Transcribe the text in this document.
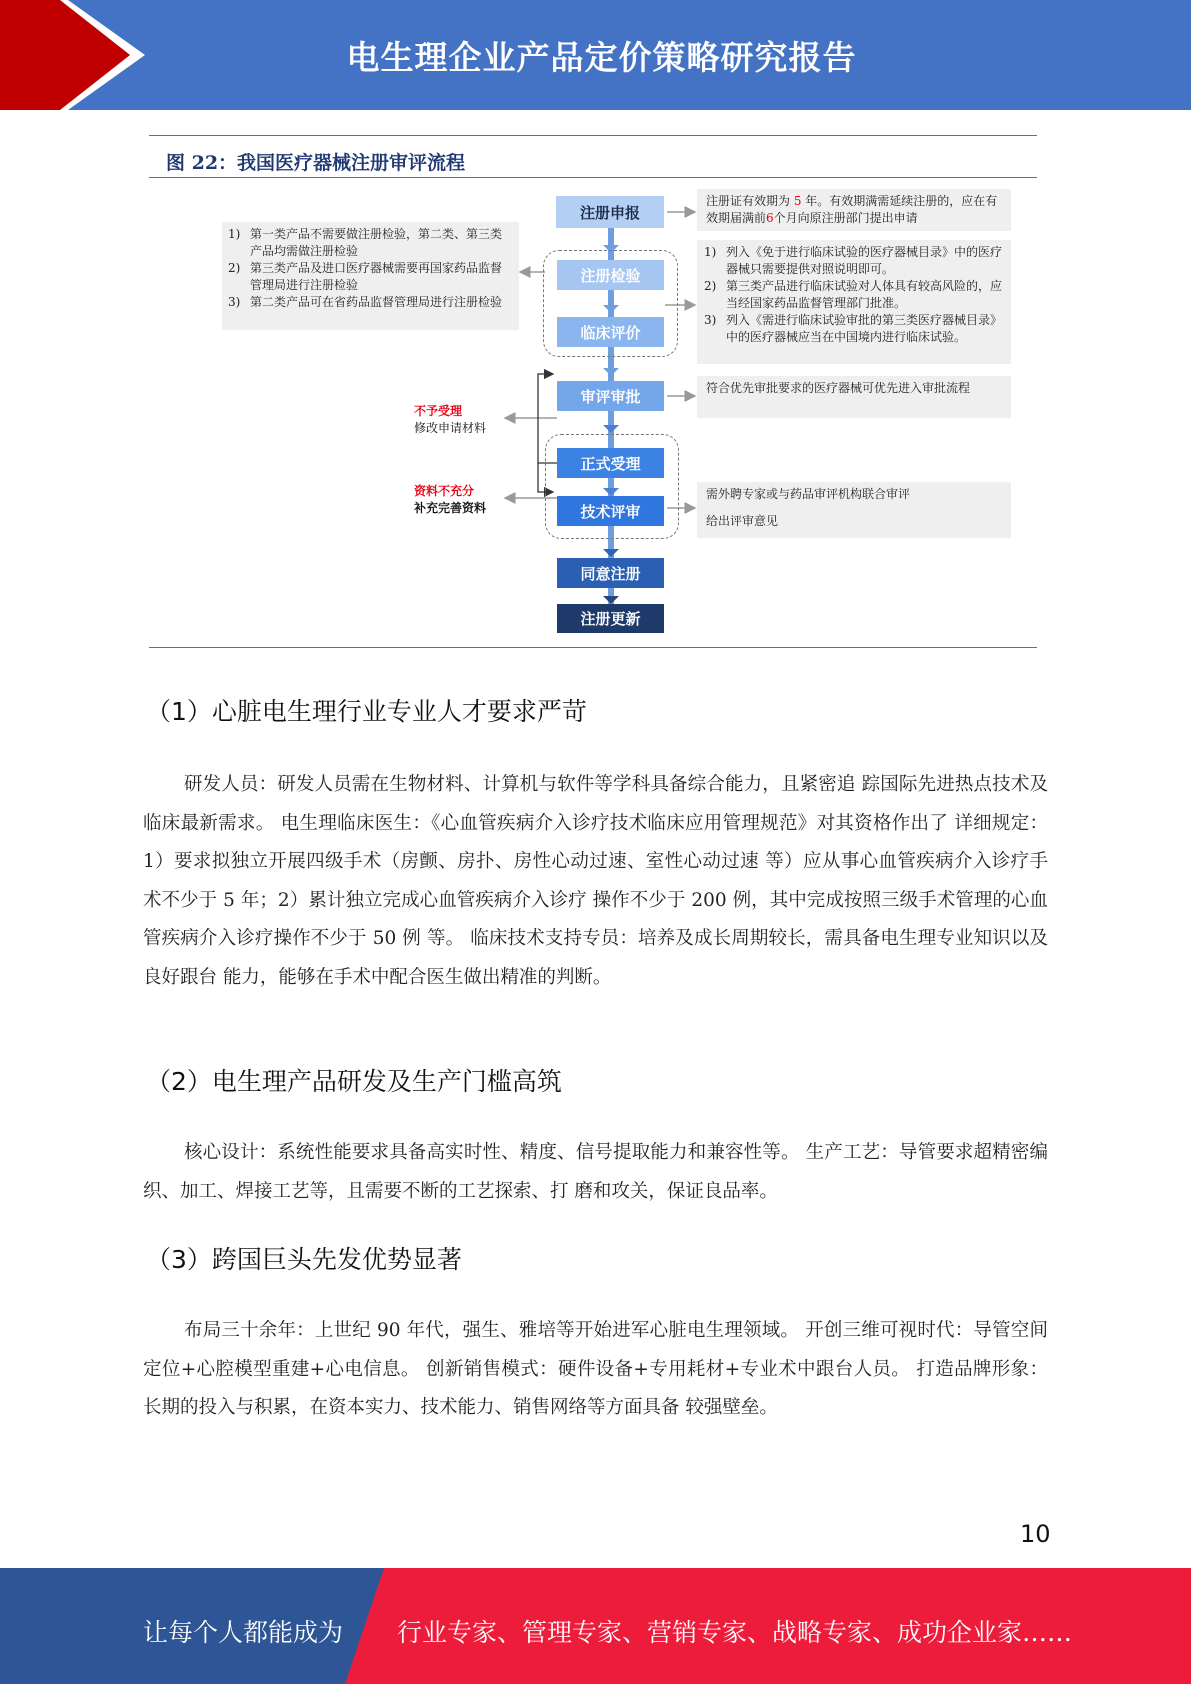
电生理企业产品定价策略研究报告
图 22：我国医疗器械注册审评流程
注册申报
注册检验
临床评价
审评审批
正式受理
技术评审
同意注册
注册更新
1) 第一类产品不需要做注册检验，第二类、第三类产品均需做注册检验
2) 第三类产品及进口医疗器械需要再国家药品监督管理局进行注册检验
3) 第二类产品可在省药品监督管理局进行注册检验
注册证有效期为 5 年。有效期满需延续注册的，应在有效期届满前6个月向原注册部门提出申请
1) 列入《免于进行临床试验的医疗器械目录》中的医疗器械只需要提供对照说明即可。
2) 第三类产品进行临床试验对人体具有较高风险的，应当经国家药品监督管理部门批准。
3) 列入《需进行临床试验审批的第三类医疗器械目录》中的医疗器械应当在中国境内进行临床试验。
符合优先审批要求的医疗器械可优先进入审批流程
需外聘专家或与药品审评机构联合审评
给出评审意见
不予受理
修改申请材料
资料不充分
补充完善资料
（1）心脏电生理行业专业人才要求严苛
研发人员：研发人员需在生物材料、计算机与软件等学科具备综合能力，且紧密追 踪国际先进热点技术及临床最新需求。 电生理临床医生：《心血管疾病介入诊疗技术临床应用管理规范》对其资格作出了 详细规定：1）要求拟独立开展四级手术（房颤、房扑、房性心动过速、室性心动过速 等）应从事心血管疾病介入诊疗手术不少于 5 年；2）累计独立完成心血管疾病介入诊疗 操作不少于 200 例，其中完成按照三级手术管理的心血管疾病介入诊疗操作不少于 50 例 等。 临床技术支持专员：培养及成长周期较长，需具备电生理专业知识以及良好跟台 能力，能够在手术中配合医生做出精准的判断。
（2）电生理产品研发及生产门槛高筑
核心设计：系统性能要求具备高实时性、精度、信号提取能力和兼容性等。 生产工艺：导管要求超精密编织、加工、焊接工艺等，且需要不断的工艺探索、打 磨和攻关，保证良品率。
（3）跨国巨头先发优势显著
布局三十余年：上世纪 90 年代，强生、雅培等开始进军心脏电生理领域。 开创三维可视时代：导管空间定位+心腔模型重建+心电信息。 创新销售模式：硬件设备+专用耗材+专业术中跟台人员。 打造品牌形象：长期的投入与积累，在资本实力、技术能力、销售网络等方面具备 较强壁垒。
10
让每个人都能成为 行业专家、管理专家、营销专家、战略专家、成功企业家……
